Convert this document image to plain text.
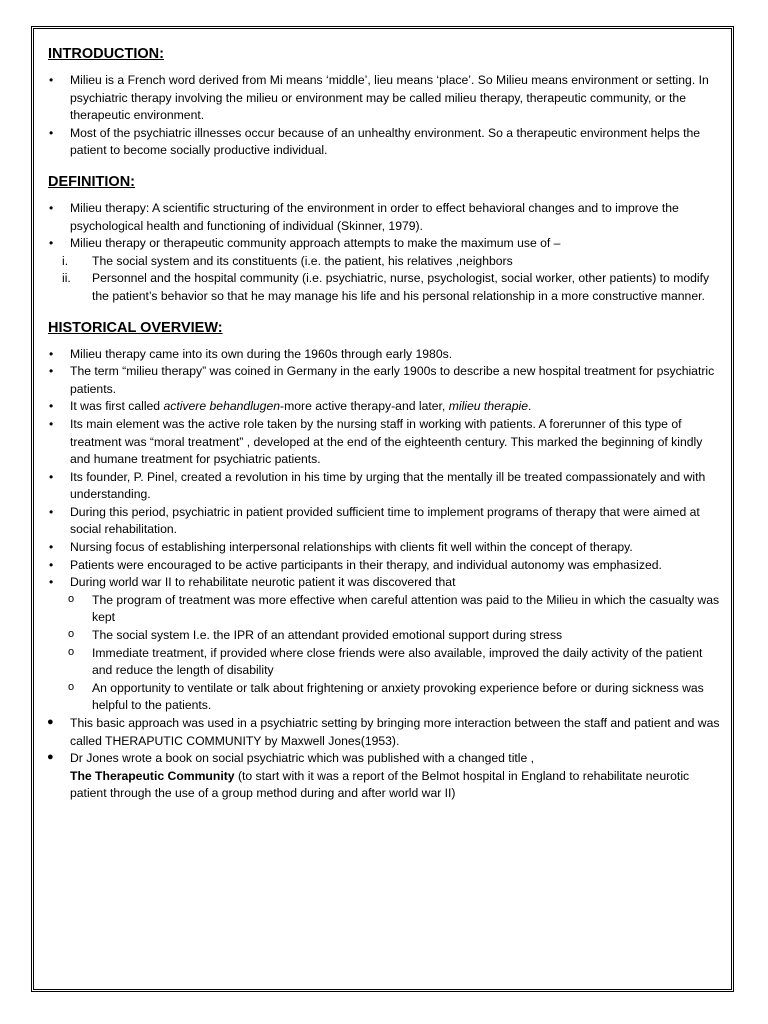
INTRODUCTION:
• Milieu is a French word derived from Mi means ‘middle’, lieu means ‘place’. So Milieu means environment or setting. In psychiatric therapy involving the milieu or environment may be called milieu therapy, therapeutic community, or the therapeutic environment.
• Most of the psychiatric illnesses occur because of an unhealthy environment. So a therapeutic environment helps the patient to become socially productive individual.
DEFINITION:
• Milieu therapy: A scientific structuring of the environment in order to effect behavioral changes and to improve the psychological health and functioning of individual (Skinner, 1979).
• Milieu therapy or therapeutic community approach attempts to make the maximum use of –
i. The social system and its constituents (i.e. the patient, his relatives ,neighbors
ii. Personnel and the hospital community (i.e. psychiatric, nurse, psychologist, social worker, other patients) to modify the patient’s behavior so that he may manage his life and his personal relationship in a more constructive manner.
HISTORICAL OVERVIEW:
• Milieu therapy came into its own during the 1960s through early 1980s.
• The term “milieu therapy” was coined in Germany in the early 1900s to describe a new hospital treatment for psychiatric patients.
• It was first called activere behandlugen-more active therapy-and later, milieu therapie.
• Its main element was the active role taken by the nursing staff in working with patients. A forerunner of this type of treatment was “moral treatment” , developed at the end of the eighteenth century. This marked the beginning of kindly and humane treatment for psychiatric patients.
• Its founder, P. Pinel, created a revolution in his time by urging that the mentally ill be treated compassionately and with understanding.
• During this period, psychiatric in patient provided sufficient time to implement programs of therapy that were aimed at social rehabilitation.
• Nursing focus of establishing interpersonal relationships with clients fit well within the concept of therapy.
• Patients were encouraged to be active participants in their therapy, and individual autonomy was emphasized.
• During world war II to rehabilitate neurotic patient it was discovered that
o The program of treatment was more effective when careful attention was paid to the Milieu in which the casualty was kept
o The social system I.e. the IPR of an attendant provided emotional support during stress
o Immediate treatment, if provided where close friends were also available, improved the daily activity of the patient and reduce the length of disability
o An opportunity to ventilate or talk about frightening or anxiety provoking experience before or during sickness was helpful to the patients.
● This basic approach was used in a psychiatric setting by bringing more interaction between the staff and patient and was called THERAPUTIC COMMUNITY by Maxwell Jones(1953).
● Dr Jones wrote a book on social psychiatric which was published with a changed title ,
The Therapeutic Community (to start with it was a report of the Belmot hospital in England to rehabilitate neurotic patient through the use of a group method during and after world war II)
